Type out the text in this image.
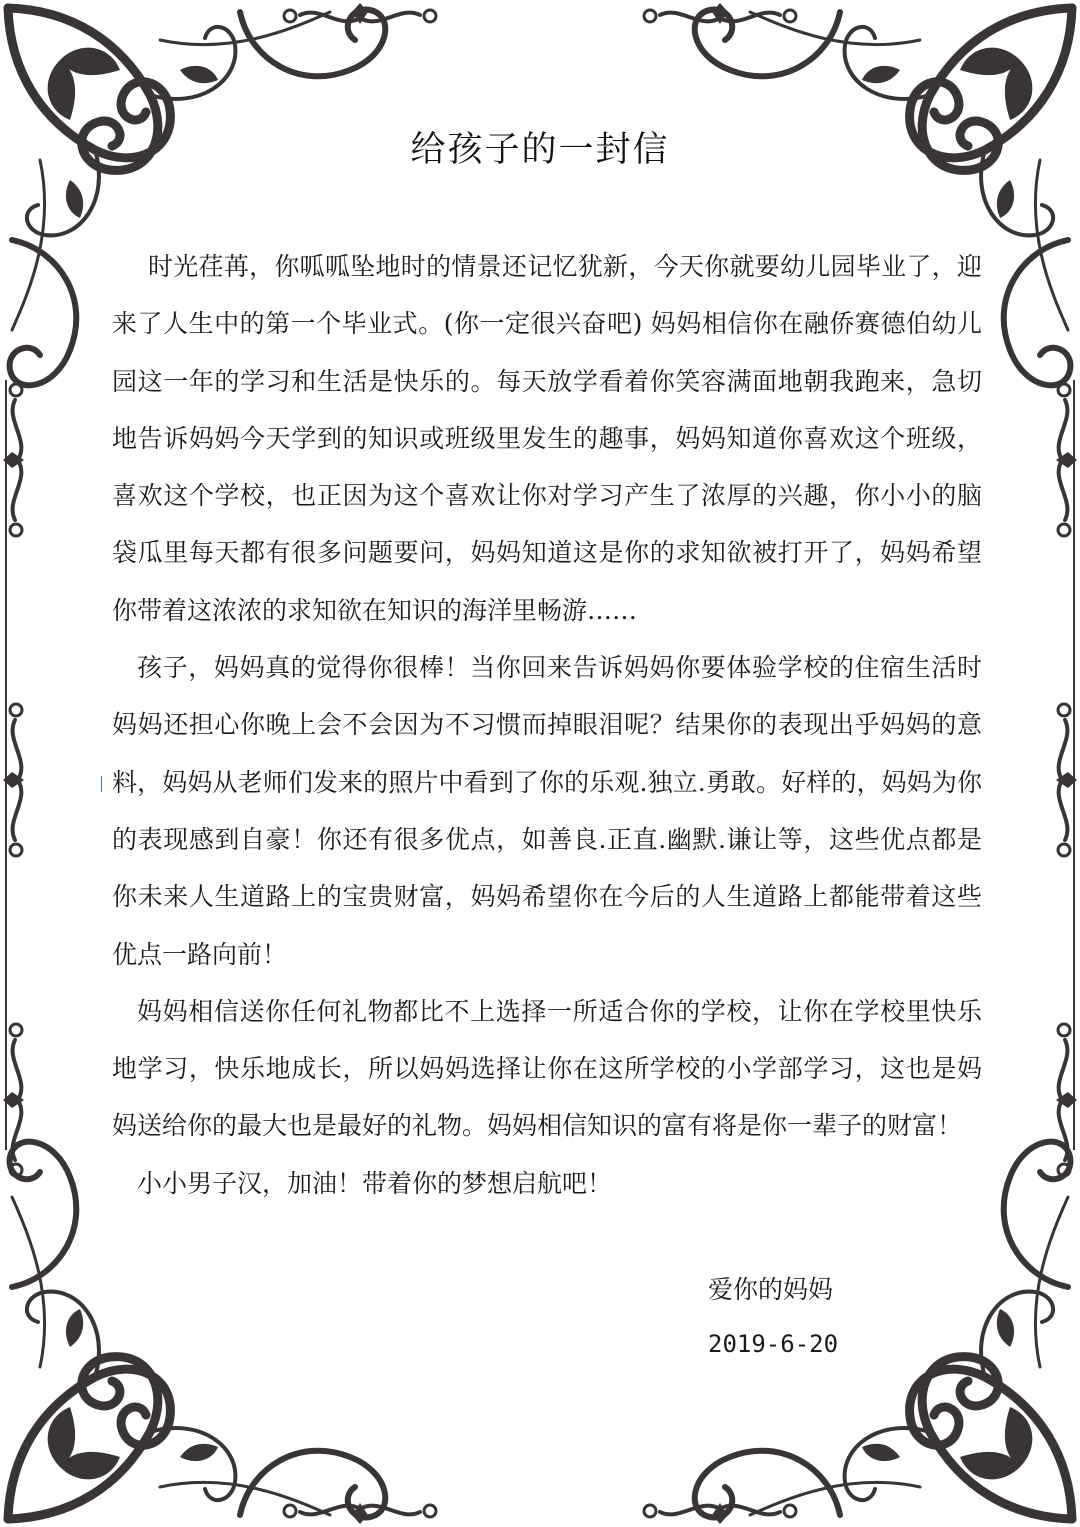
给孩子的一封信

时光荏苒，你呱呱坠地时的情景还记忆犹新，今天你就要幼儿园毕业了，迎来了人生中的第一个毕业式。(你一定很兴奋吧) 妈妈相信你在融侨赛德伯幼儿园这一年的学习和生活是快乐的。每天放学看着你笑容满面地朝我跑来，急切地告诉妈妈今天学到的知识或班级里发生的趣事，妈妈知道你喜欢这个班级，喜欢这个学校，也正因为这个喜欢让你对学习产生了浓厚的兴趣，你小小的脑袋瓜里每天都有很多问题要问，妈妈知道这是你的求知欲被打开了，妈妈希望你带着这浓浓的求知欲在知识的海洋里畅游……

孩子，妈妈真的觉得你很棒！当你回来告诉妈妈你要体验学校的住宿生活时妈妈还担心你晚上会不会因为不习惯而掉眼泪呢？结果你的表现出乎妈妈的意料，妈妈从老师们发来的照片中看到了你的乐观.独立.勇敢。好样的，妈妈为你的表现感到自豪！你还有很多优点，如善良.正直.幽默.谦让等，这些优点都是你未来人生道路上的宝贵财富，妈妈希望你在今后的人生道路上都能带着这些优点一路向前！

妈妈相信送你任何礼物都比不上选择一所适合你的学校，让你在学校里快乐地学习，快乐地成长，所以妈妈选择让你在这所学校的小学部学习，这也是妈妈送给你的最大也是最好的礼物。妈妈相信知识的富有将是你一辈子的财富！

小小男子汉，加油！带着你的梦想启航吧！

爱你的妈妈
2019-6-20
